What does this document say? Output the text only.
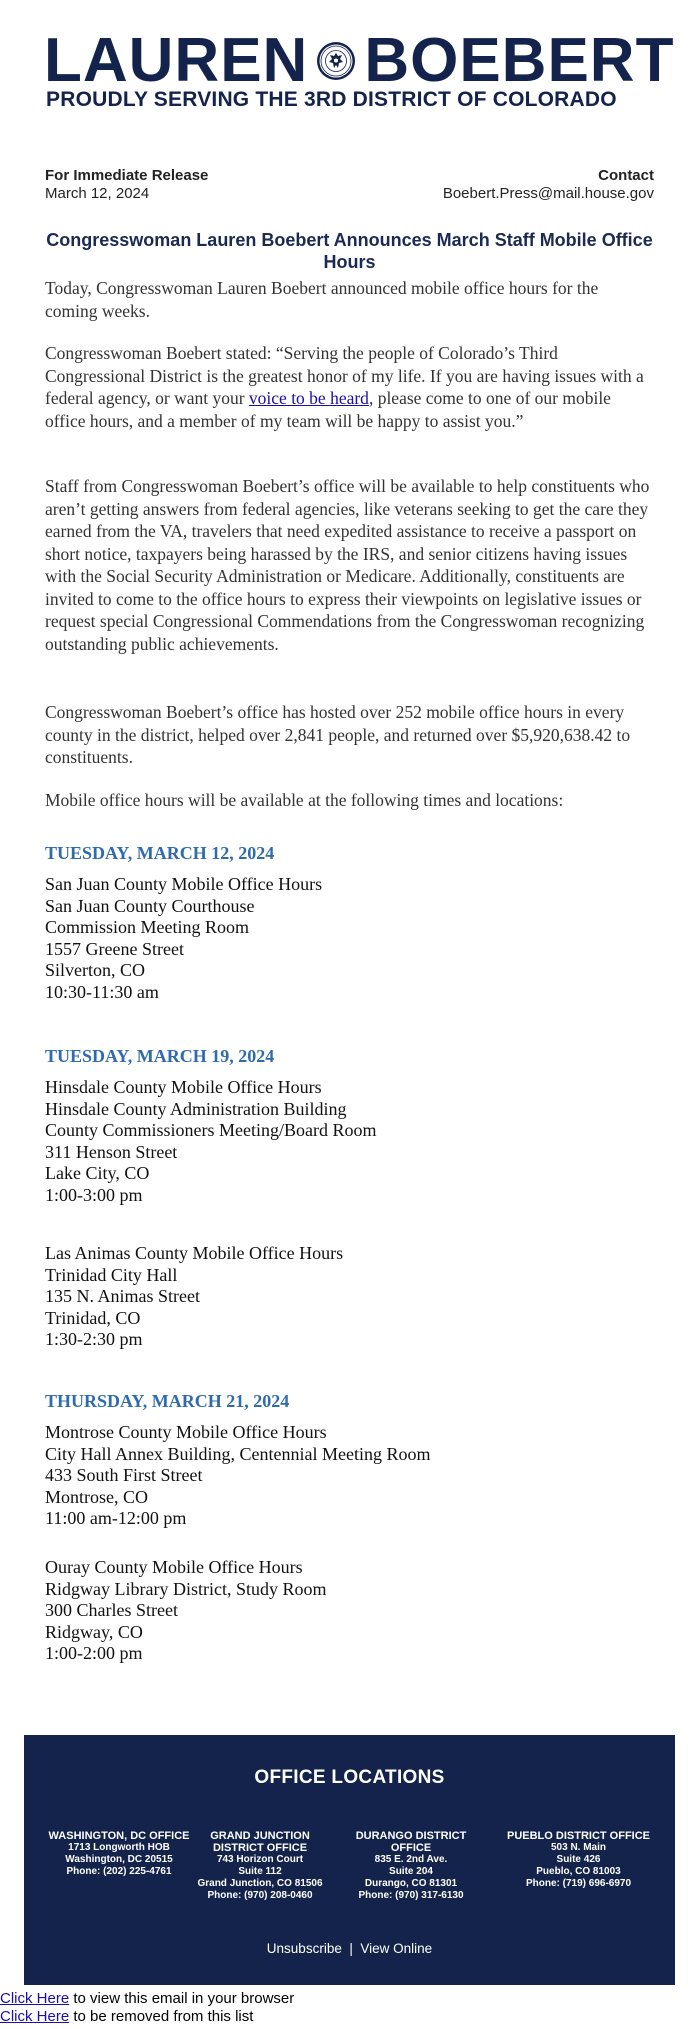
LAUREN BOEBERT
PROUDLY SERVING THE 3RD DISTRICT OF COLORADO
For Immediate Release
March 12, 2024
Contact
Boebert.Press@mail.house.gov
Congresswoman Lauren Boebert Announces March Staff Mobile Office Hours
Today, Congresswoman Lauren Boebert announced mobile office hours for the coming weeks.
Congresswoman Boebert stated: “Serving the people of Colorado’s Third Congressional District is the greatest honor of my life. If you are having issues with a federal agency, or want your voice to be heard, please come to one of our mobile office hours, and a member of my team will be happy to assist you.”
Staff from Congresswoman Boebert’s office will be available to help constituents who aren’t getting answers from federal agencies, like veterans seeking to get the care they earned from the VA, travelers that need expedited assistance to receive a passport on short notice, taxpayers being harassed by the IRS, and senior citizens having issues with the Social Security Administration or Medicare. Additionally, constituents are invited to come to the office hours to express their viewpoints on legislative issues or request special Congressional Commendations from the Congresswoman recognizing outstanding public achievements.
Congresswoman Boebert’s office has hosted over 252 mobile office hours in every county in the district, helped over 2,841 people, and returned over $5,920,638.42 to constituents.
Mobile office hours will be available at the following times and locations:
TUESDAY, MARCH 12, 2024
San Juan County Mobile Office Hours
San Juan County Courthouse
Commission Meeting Room
1557 Greene Street
Silverton, CO
10:30-11:30 am
TUESDAY, MARCH 19, 2024
Hinsdale County Mobile Office Hours
Hinsdale County Administration Building
County Commissioners Meeting/Board Room
311 Henson Street
Lake City, CO
1:00-3:00 pm
Las Animas County Mobile Office Hours
Trinidad City Hall
135 N. Animas Street
Trinidad, CO
1:30-2:30 pm
THURSDAY, MARCH 21, 2024
Montrose County Mobile Office Hours
City Hall Annex Building, Centennial Meeting Room
433 South First Street
Montrose, CO
11:00 am-12:00 pm
Ouray County Mobile Office Hours
Ridgway Library District, Study Room
300 Charles Street
Ridgway, CO
1:00-2:00 pm
OFFICE LOCATIONS
WASHINGTON, DC OFFICE
1713 Longworth HOB
Washington, DC 20515
Phone: (202) 225-4761
GRAND JUNCTION DISTRICT OFFICE
743 Horizon Court
Suite 112
Grand Junction, CO 81506
Phone: (970) 208-0460
DURANGO DISTRICT OFFICE
835 E. 2nd Ave.
Suite 204
Durango, CO 81301
Phone: (970) 317-6130
PUEBLO DISTRICT OFFICE
503 N. Main
Suite 426
Pueblo, CO 81003
Phone: (719) 696-6970
Unsubscribe | View Online
Click Here to view this email in your browser
Click Here to be removed from this list
